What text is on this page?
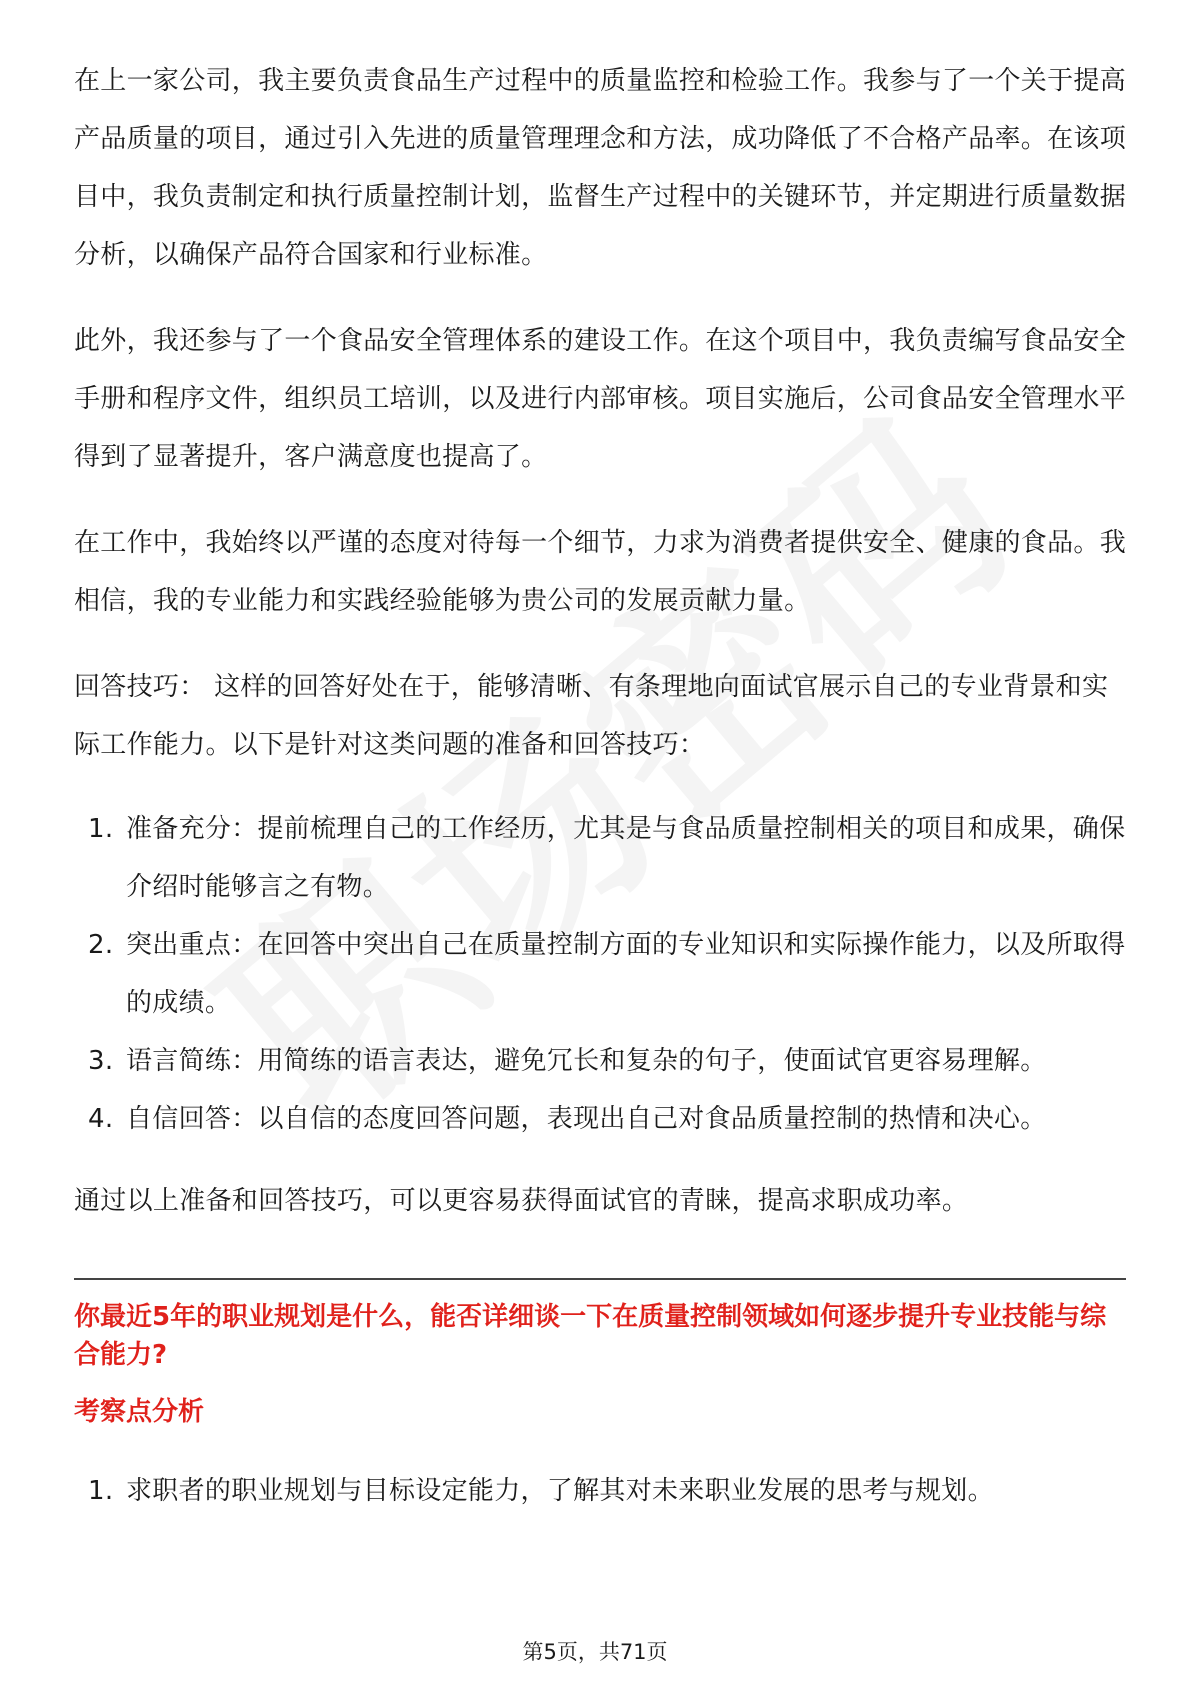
在上一家公司，我主要负责食品生产过程中的质量监控和检验工作。我参与了一个关于提高产品质量的项目，通过引入先进的质量管理理念和方法，成功降低了不合格产品率。在该项目中，我负责制定和执行质量控制计划，监督生产过程中的关键环节，并定期进行质量数据分析，以确保产品符合国家和行业标准。

此外，我还参与了一个食品安全管理体系的建设工作。在这个项目中，我负责编写食品安全手册和程序文件，组织员工培训，以及进行内部审核。项目实施后，公司食品安全管理水平得到了显著提升，客户满意度也提高了。

在工作中，我始终以严谨的态度对待每一个细节，力求为消费者提供安全、健康的食品。我相信，我的专业能力和实践经验能够为贵公司的发展贡献力量。

回答技巧： 这样的回答好处在于，能够清晰、有条理地向面试官展示自己的专业背景和实际工作能力。以下是针对这类问题的准备和回答技巧：

1. 准备充分：提前梳理自己的工作经历，尤其是与食品质量控制相关的项目和成果，确保介绍时能够言之有物。
2. 突出重点：在回答中突出自己在质量控制方面的专业知识和实际操作能力，以及所取得的成绩。
3. 语言简练：用简练的语言表达，避免冗长和复杂的句子，使面试官更容易理解。
4. 自信回答：以自信的态度回答问题，表现出自己对食品质量控制的热情和决心。

通过以上准备和回答技巧，可以更容易获得面试官的青睐，提高求职成功率。

你最近5年的职业规划是什么，能否详细谈一下在质量控制领域如何逐步提升专业技能与综合能力?

考察点分析

1. 求职者的职业规划与目标设定能力，了解其对未来职业发展的思考与规划。
第5页，共71页
